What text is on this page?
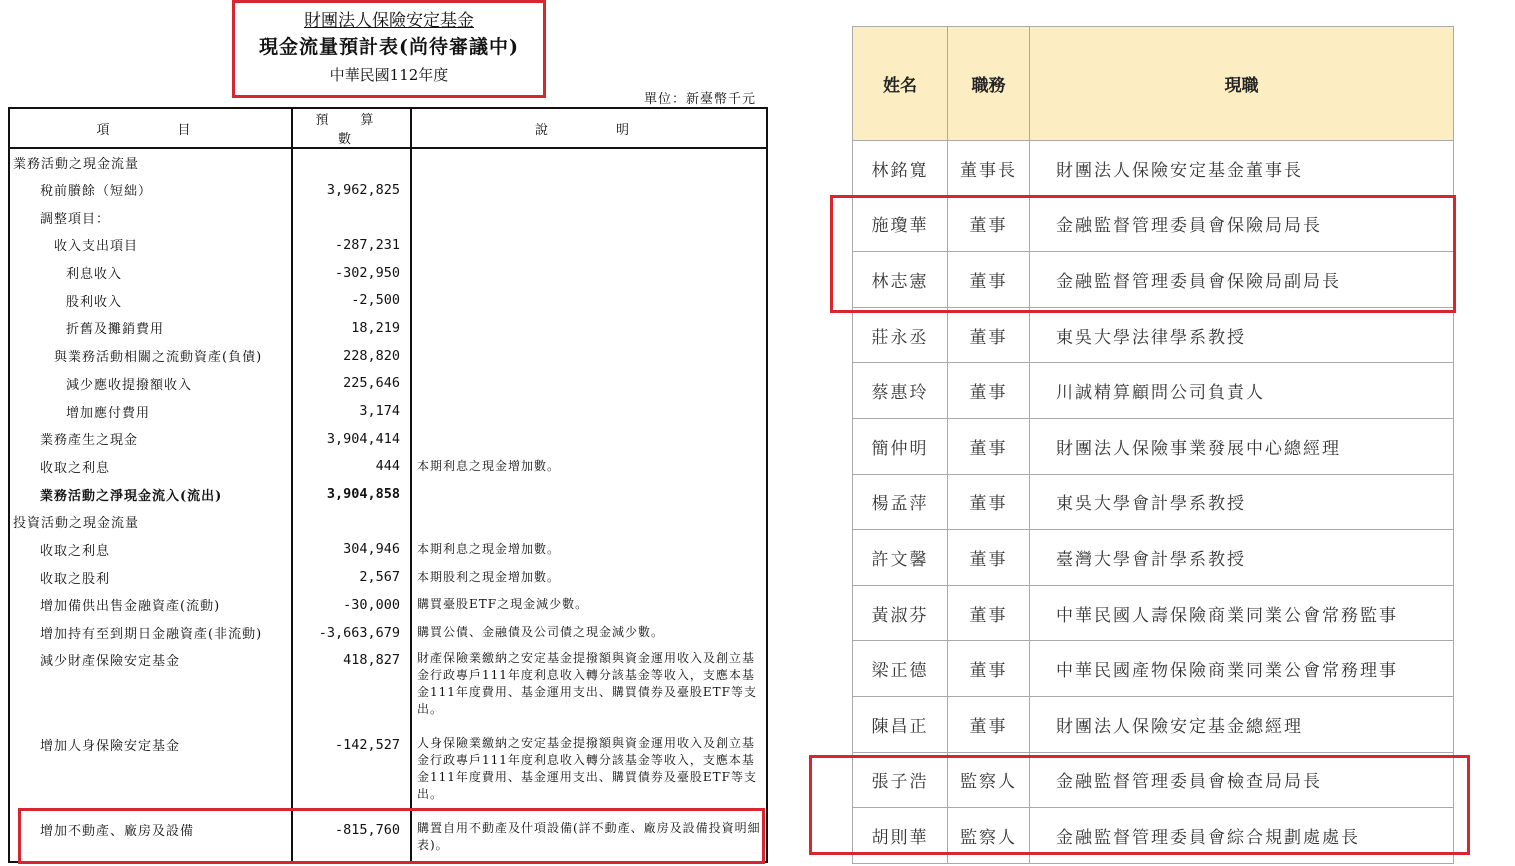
財團法人保險安定基金
現金流量預計表(尚待審議中)
中華民國112年度
單位：新臺幣千元
項　　目	預 算 數	說　　明
業務活動之現金流量		
稅前賸餘（短絀）	3,962,825	
調整項目：		
收入支出項目	-287,231	
利息收入	-302,950	
股利收入	-2,500	
折舊及攤銷費用	18,219	
與業務活動相關之流動資產(負債)	228,820	
減少應收提撥額收入	225,646	
增加應付費用	3,174	
業務產生之現金	3,904,414	
收取之利息	444	本期利息之現金增加數。
業務活動之淨現金流入(流出)	3,904,858	
投資活動之現金流量		
收取之利息	304,946	本期利息之現金增加數。
收取之股利	2,567	本期股利之現金增加數。
增加備供出售金融資產(流動)	-30,000	購買臺股ETF之現金減少數。
增加持有至到期日金融資產(非流動)	-3,663,679	購買公債、金融債及公司債之現金減少數。
減少財產保險安定基金	418,827	財產保險業繳納之安定基金提撥額與資金運用收入及創立基金行政專戶111年度利息收入轉分該基金等收入，支應本基金111年度費用、基金運用支出、購買債券及臺股ETF等支出。
增加人身保險安定基金	-142,527	人身保險業繳納之安定基金提撥額與資金運用收入及創立基金行政專戶111年度利息收入轉分該基金等收入，支應本基金111年度費用、基金運用支出、購買債券及臺股ETF等支出。
增加不動產、廠房及設備	-815,760	購置自用不動產及什項設備(詳不動產、廠房及設備投資明細表)。
姓名	職務	現職
林銘寬	董事長	財團法人保險安定基金董事長
施瓊華	董事	金融監督管理委員會保險局局長
林志憲	董事	金融監督管理委員會保險局副局長
莊永丞	董事	東吳大學法律學系教授
蔡惠玲	董事	川誠精算顧問公司負責人
簡仲明	董事	財團法人保險事業發展中心總經理
楊孟萍	董事	東吳大學會計學系教授
許文馨	董事	臺灣大學會計學系教授
黃淑芬	董事	中華民國人壽保險商業同業公會常務監事
梁正德	董事	中華民國產物保險商業同業公會常務理事
陳昌正	董事	財團法人保險安定基金總經理
張子浩	監察人	金融監督管理委員會檢查局局長
胡則華	監察人	金融監督管理委員會綜合規劃處處長
